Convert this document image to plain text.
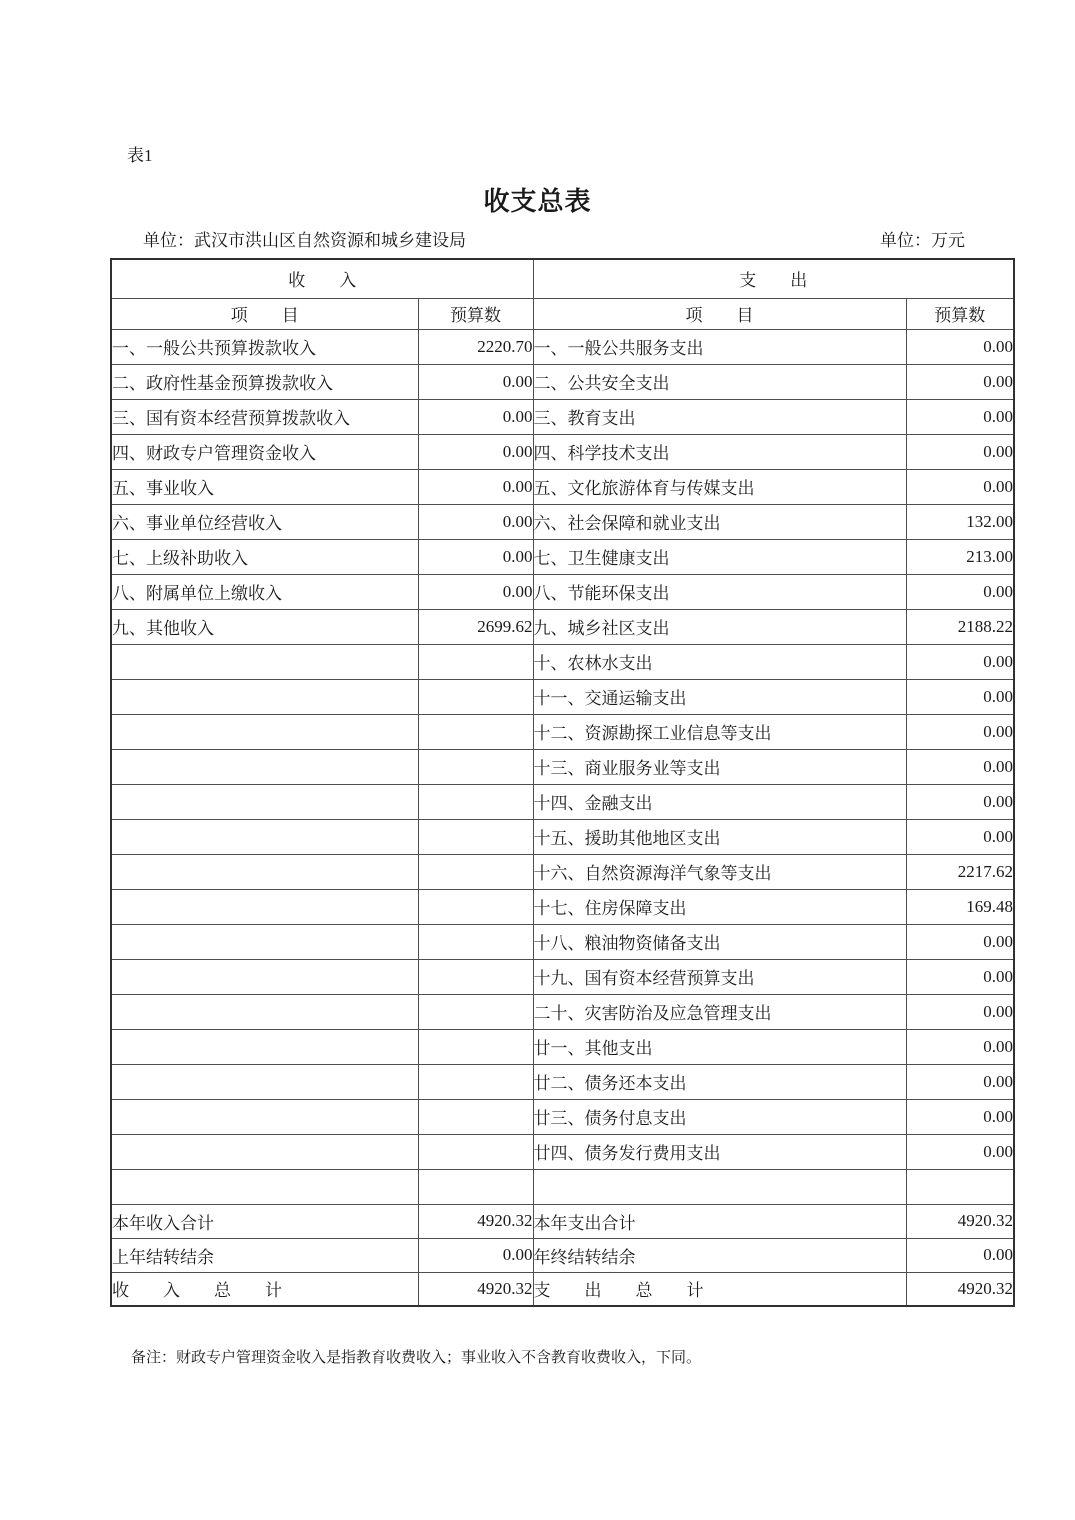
表1
收支总表
单位：武汉市洪山区自然资源和城乡建设局	单位：万元
收　　入		支　　出	
项　　目	预算数	项　　目	预算数
一、一般公共预算拨款收入	2220.70	一、一般公共服务支出	0.00
二、政府性基金预算拨款收入	0.00	二、公共安全支出	0.00
三、国有资本经营预算拨款收入	0.00	三、教育支出	0.00
四、财政专户管理资金收入	0.00	四、科学技术支出	0.00
五、事业收入	0.00	五、文化旅游体育与传媒支出	0.00
六、事业单位经营收入	0.00	六、社会保障和就业支出	132.00
七、上级补助收入	0.00	七、卫生健康支出	213.00
八、附属单位上缴收入	0.00	八、节能环保支出	0.00
九、其他收入	2699.62	九、城乡社区支出	2188.22
		十、农林水支出	0.00
		十一、交通运输支出	0.00
		十二、资源勘探工业信息等支出	0.00
		十三、商业服务业等支出	0.00
		十四、金融支出	0.00
		十五、援助其他地区支出	0.00
		十六、自然资源海洋气象等支出	2217.62
		十七、住房保障支出	169.48
		十八、粮油物资储备支出	0.00
		十九、国有资本经营预算支出	0.00
		二十、灾害防治及应急管理支出	0.00
		廿一、其他支出	0.00
		廿二、债务还本支出	0.00
		廿三、债务付息支出	0.00
		廿四、债务发行费用支出	0.00

本年收入合计	4920.32	本年支出合计	4920.32
上年结转结余	0.00	年终结转结余	0.00
收　　入　　总　　计	4920.32	支　　出　　总　　计	4920.32
备注：财政专户管理资金收入是指教育收费收入；事业收入不含教育收费收入，下同。
